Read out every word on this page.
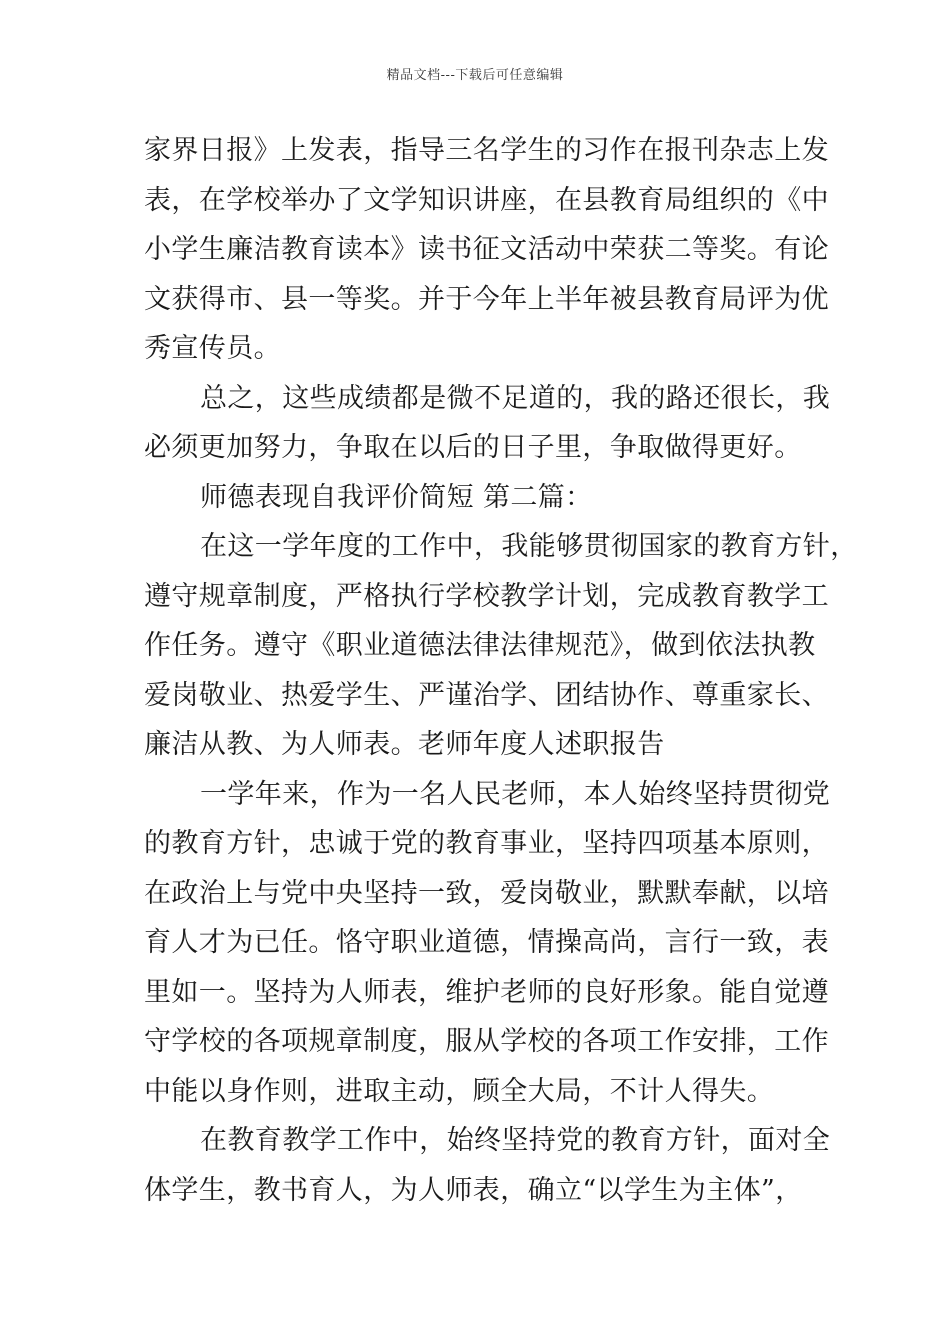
精品文档---下载后可任意编辑
家界日报》上发表，指导三名学生的习作在报刊杂志上发
表，在学校举办了文学知识讲座，在县教育局组织的《中
小学生廉洁教育读本》读书征文活动中荣获二等奖。有论
文获得市、县一等奖。并于今年上半年被县教育局评为优
秀宣传员。
总之，这些成绩都是微不足道的，我的路还很长，我
必须更加努力，争取在以后的日子里，争取做得更好。
师德表现自我评价简短 第二篇：
在这一学年度的工作中，我能够贯彻国家的教育方针，
遵守规章制度，严格执行学校教学计划，完成教育教学工
作任务。遵守《职业道德法律法律规范》，做到依法执教
爱岗敬业、热爱学生、严谨治学、团结协作、尊重家长、
廉洁从教、为人师表。老师年度人述职报告
一学年来，作为一名人民老师，本人始终坚持贯彻党
的教育方针，忠诚于党的教育事业，坚持四项基本原则，
在政治上与党中央坚持一致，爱岗敬业，默默奉献，以培
育人才为已任。恪守职业道德，情操高尚，言行一致，表
里如一。坚持为人师表，维护老师的良好形象。能自觉遵
守学校的各项规章制度，服从学校的各项工作安排，工作
中能以身作则，进取主动，顾全大局，不计人得失。
在教育教学工作中，始终坚持党的教育方针，面对全
体学生，教书育人，为人师表，确立“以学生为主体”，
